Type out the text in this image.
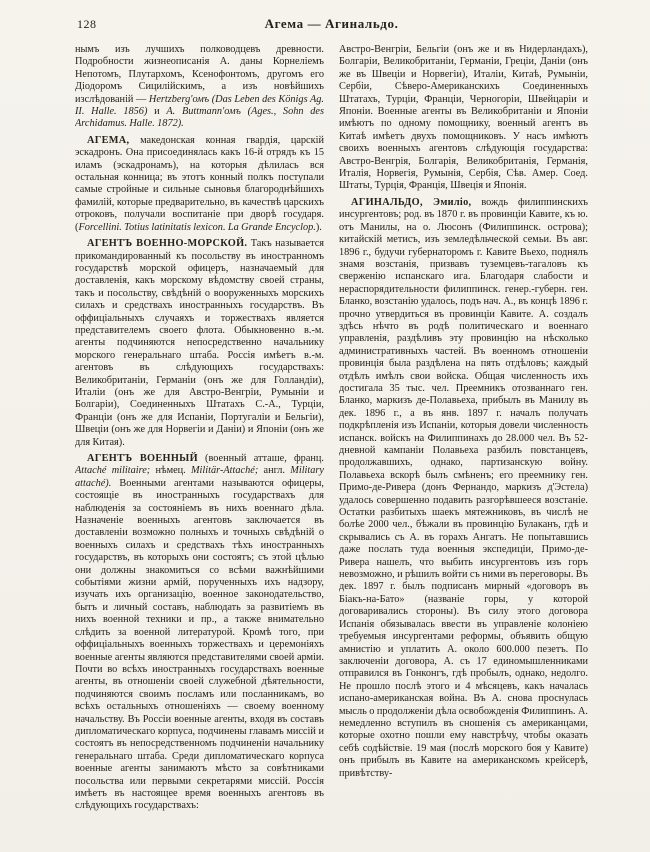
128	Агема — Агинальдо.

нымъ изъ лучшихъ полководцевъ древности. Подробности жизнеописанія А. даны Корнеліемъ Непотомъ, Плутархомъ, Ксенофонтомъ, другомъ его Діодоромъ Сицилійскимъ, а изъ новѣйшихъ изслѣдованій — Hertzberg'омъ (Das Leben des Königs Ag. II. Halle. 1856) и A. Buttmann'омъ (Ages., Sohn des Archidamus. Halle. 1872).

АГЕМА, македонская конная гвардія, царскій эскадронъ. Она присоединялась какъ 16-й отрядъ къ 15 иламъ (эскадронамъ), на которыя дѣлилась вся остальная конница; въ этотъ конный полкъ поступали самые стройные и сильные сыновья благороднѣйшихъ фамилій, которые предварительно, въ качествѣ царскихъ отроковъ, получали воспитаніе при дворѣ государя. (Forcellini. Totius latinitatis lexicon. La Grande Encyclop.).

АГЕНТЪ ВОЕННО-МОРСКОЙ. Такъ называется прикомандированный къ посольству въ иностранномъ государствѣ морской офицеръ, назначаемый для доставленія, какъ морскому вѣдомству своей страны, такъ и посольству, свѣдѣній о вооруженныхъ морскихъ силахъ и средствахъ иностранныхъ государствъ. Въ оффиціальныхъ случаяхъ и торжествахъ является представителемъ своего флота. Обыкновенно в.-м. агенты подчиняются непосредственно начальнику морского генеральнаго штаба. Россія имѣетъ в.-м. агентовъ въ слѣдующихъ государствахъ: Великобританіи, Германіи (онъ же для Голландіи), Италіи (онъ же для Австро-Венгріи, Румыніи и Болгаріи), Соединенныхъ Штатахъ С.-А., Турціи, Франціи (онъ же для Испаніи, Португаліи и Бельгіи), Швеціи (онъ же для Норвегіи и Даніи) и Японіи (онъ же для Китая).

АГЕНТЪ ВОЕННЫЙ (военный атташе, франц. Attaché militaire; нѣмец. Militär-Attaché; англ. Military attaché). Военными агентами называются офицеры, состоящіе въ иностранныхъ государствахъ для наблюденія за состояніемъ въ нихъ военнаго дѣла. Назначеніе военныхъ агентовъ заключается въ доставленіи возможно полныхъ и точныхъ свѣдѣній о военныхъ силахъ и средствахъ тѣхъ иностранныхъ государствъ, въ которыхъ они состоятъ; съ этой цѣлью они должны знакомиться со всѣми важнѣйшими событіями жизни армій, порученныхъ ихъ надзору, изучать ихъ организацію, военное законодательство, бытъ и личный составъ, наблюдать за развитіемъ въ нихъ военной техники и пр., а также внимательно слѣдить за военной литературой. Кромѣ того, при оффиціальныхъ военныхъ торжествахъ и церемоніяхъ военные агенты являются представителями своей арміи. Почти во всѣхъ иностранныхъ государствахъ военные агенты, въ отношеніи своей служебной дѣятельности, подчиняются своимъ посламъ или посланникамъ, во всѣхъ остальныхъ отношеніяхъ — своему военному начальству. Въ Россіи военные агенты, входя въ составъ дипломатическаго корпуса, подчинены главамъ миссій и состоятъ въ непосредственномъ подчиненіи начальнику генеральнаго штаба. Среди дипломатическаго корпуса военные агенты занимаютъ мѣсто за совѣтниками посольства или первыми секретарями миссій. Россія имѣетъ въ настоящее время военныхъ агентовъ въ слѣдующихъ государствахъ:

Австро-Венгріи, Бельгіи (онъ же и въ Нидерландахъ), Болгаріи, Великобританіи, Германіи, Греціи, Даніи (онъ же въ Швеціи и Норвегіи), Италіи, Китаѣ, Румыніи, Сербіи, Сѣверо-Американскихъ Соединенныхъ Штатахъ, Турціи, Франціи, Черногоріи, Швейцаріи и Японіи. Военные агенты въ Великобританіи и Японіи имѣютъ по одному помощнику, военный агентъ въ Китаѣ имѣетъ двухъ помощниковъ. У насъ имѣютъ своихъ военныхъ агентовъ слѣдующія государства: Австро-Венгрія, Болгарія, Великобританія, Германія, Италія, Норвегія, Румынія, Сербія, Сѣв. Амер. Соед. Штаты, Турція, Франція, Швеція и Японія.

АГИНАЛЬДО, Эмиліо, вождь филиппинскихъ инсургентовъ; род. въ 1870 г. въ провинціи Кавите, къ ю. отъ Манилы, на о. Люсонъ (Филиппинск. острова); китайскій метисъ, изъ земледѣльческой семьи. Въ авг. 1896 г., будучи губернаторомъ г. Кавите Вьехо, поднялъ знамя возстанія, призвавъ туземцевъ-тагаловъ къ сверженію испанскаго ига. Благодаря слабости и нераспорядительности филиппинск. генер.-губерн. ген. Бланко, возстанію удалось, подъ нач. А., въ концѣ 1896 г. прочно утвердиться въ провинціи Кавите. А. создалъ здѣсь нѣчто въ родѣ политическаго и военнаго управленія, раздѣливъ эту провинцію на нѣсколько административныхъ частей. Въ военномъ отношеніи провинція была раздѣлена на пять отдѣловъ; каждый отдѣлъ имѣлъ свои войска. Общая численность ихъ достигала 35 тыс. чел. Преемникъ отозваннаго ген. Бланко, маркизъ де-Полавьеха, прибылъ въ Манилу въ дек. 1896 г., а въ янв. 1897 г. началъ получать подкрѣпленія изъ Испаніи, которыя довели численность испанск. войскъ на Филиппинахъ до 28.000 чел. Въ 52-дневной кампаніи Полавьеха разбилъ повстанцевъ, продолжавшихъ, однако, партизанскую войну. Полавьеха вскорѣ былъ смѣненъ; его преемнику ген. Примо-де-Ривера (донъ Фернандо, маркизъ д'Эстела) удалось совершенно подавить разгорѣвшееся возстаніе. Остатки разбитыхъ шаекъ мятежниковъ, въ числѣ не болѣе 2000 чел., бѣжали въ провинцію Булаканъ, гдѣ и скрывались съ А. въ горахъ Ангатъ. Не попытавшись даже послать туда военныя экспедиціи, Примо-де-Ривера нашелъ, что выбить инсургентовъ изъ горъ невозможно, и рѣшилъ войти съ ними въ переговоры. Въ дек. 1897 г. былъ подписанъ мирный «договоръ въ Біакъ-на-Бато» (названіе горы, у которой договаривались стороны). Въ силу этого договора Испанія обязывалась ввести въ управленіе колоніею требуемыя инсургентами реформы, объявить общую амнистію и уплатить А. около 600.000 пезетъ. По заключеніи договора, А. съ 17 единомышленниками отправился въ Гонконгъ, гдѣ пробылъ, однако, недолго. Не прошло послѣ этого и 4 мѣсяцевъ, какъ началась испано-американская война. Въ А. снова проснулась мысль о продолженіи дѣла освобожденія Филиппинъ. А. немедленно вступилъ въ сношенія съ американцами, которые охотно пошли ему навстрѣчу, чтобы оказать себѣ содѣйствіе. 19 мая (послѣ морского боя у Кавите) онъ прибылъ въ Кавите на американскомъ крейсерѣ, привѣтству-
